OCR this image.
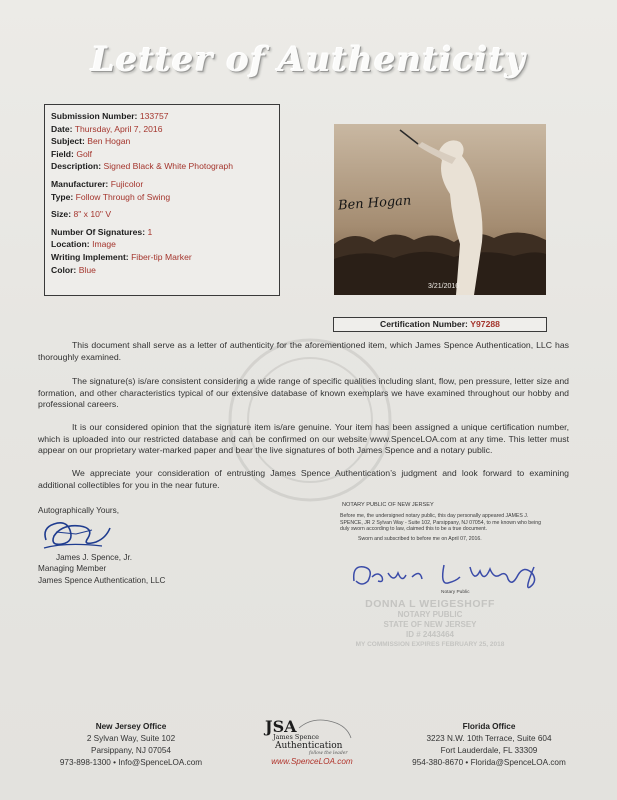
Letter of Authenticity
Submission Number: 133757
Date: Thursday, April 7, 2016
Subject: Ben Hogan
Field: Golf
Description: Signed Black & White Photograph
Manufacturer: Fujicolor
Type: Follow Through of Swing
Size: 8" x 10" V
Number Of Signatures: 1
Location: Image
Writing Implement: Fiber-tip Marker
Color: Blue
Ben Hogan
3/21/2016
Certification Number: Y97288

This document shall serve as a letter of authenticity for the aforementioned item, which James Spence Authentication, LLC has thoroughly examined.

The signature(s) is/are consistent considering a wide range of specific qualities including slant, flow, pen pressure, letter size and formation, and other characteristics typical of our extensive database of known exemplars we have examined throughout our hobby and professional careers.

It is our considered opinion that the signature item is/are genuine. Your item has been assigned a unique certification number, which is uploaded into our restricted database and can be confirmed on our website www.SpenceLOA.com at any time. This letter must appear on our proprietary water-marked paper and bear the live signatures of both James Spence and a notary public.

We appreciate your consideration of entrusting James Spence Authentication’s judgment and look forward to examining additional collectibles for you in the near future.

Autographically Yours,
James J. Spence, Jr.
Managing Member
James Spence Authentication, LLC
NOTARY PUBLIC OF NEW JERSEY
Before me, the undersigned notary public, this day personally appeared JAMES J.
SPENCE, JR 2 Sylvan Way - Suite 102, Parsippany, NJ 07054, to me known who being
duly sworn according to law, claimed this to be a true document.
Sworn and subscribed to before me on April 07, 2016.
Notary Public
DONNA L WEIGESHOFF
NOTARY PUBLIC
STATE OF NEW JERSEY
ID # 2443464
MY COMMISSION EXPIRES FEBRUARY 25, 2018
New Jersey Office
2 Sylvan Way, Suite 102
Parsippany, NJ 07054
973-898-1300 • Info@SpenceLOA.com
JSA
James Spence
Authentication
follow the leader
www.SpenceLOA.com
Florida Office
3223 N.W. 10th Terrace, Suite 604
Fort Lauderdale, FL 33309
954-380-8670 • Florida@SpenceLOA.com
